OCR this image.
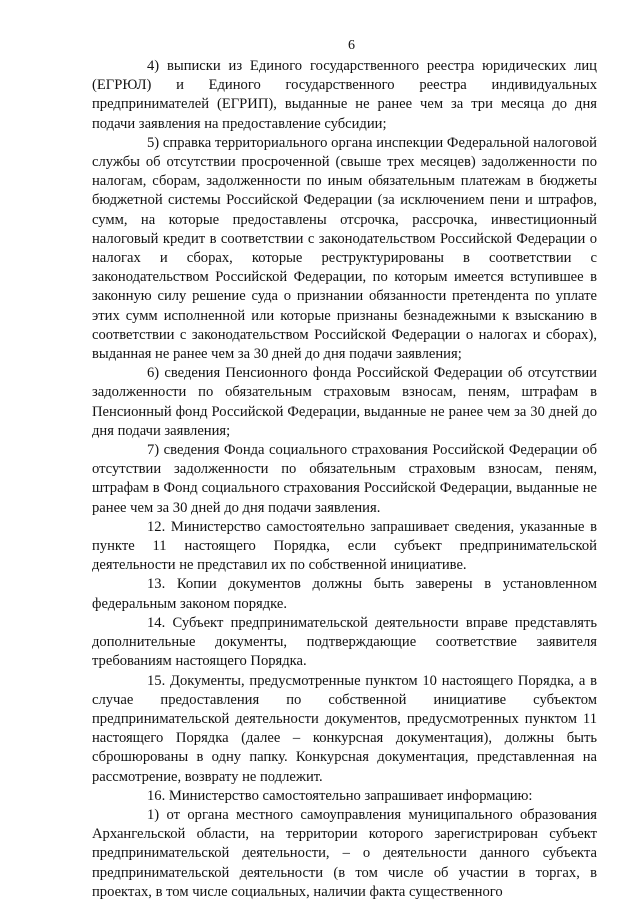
6

4) выписки из Единого государственного реестра юридических лиц (ЕГРЮЛ) и Единого государственного реестра индивидуальных предпринимателей (ЕГРИП), выданные не ранее чем за три месяца до дня подачи заявления на предоставление субсидии;

5) справка территориального органа инспекции Федеральной налоговой службы об отсутствии просроченной (свыше трех месяцев) задолженности по налогам, сборам, задолженности по иным обязательным платежам в бюджеты бюджетной системы Российской Федерации (за исключением пени и штрафов, сумм, на которые предоставлены отсрочка, рассрочка, инвестиционный налоговый кредит в соответствии с законодательством Российской Федерации о налогах и сборах, которые реструктурированы в соответствии с законодательством Российской Федерации, по которым имеется вступившее в законную силу решение суда о признании обязанности претендента по уплате этих сумм исполненной или которые признаны безнадежными к взысканию в соответствии с законодательством Российской Федерации о налогах и сборах), выданная не ранее чем за 30 дней до дня подачи заявления;

6) сведения Пенсионного фонда Российской Федерации об отсутствии задолженности по обязательным страховым взносам, пеням, штрафам в Пенсионный фонд Российской Федерации, выданные не ранее чем за 30 дней до дня подачи заявления;

7) сведения Фонда социального страхования Российской Федерации об отсутствии задолженности по обязательным страховым взносам, пеням, штрафам в Фонд социального страхования Российской Федерации, выданные не ранее чем за 30 дней до дня подачи заявления.

12. Министерство самостоятельно запрашивает сведения, указанные в пункте 11 настоящего Порядка, если субъект предпринимательской деятельности не представил их по собственной инициативе.

13. Копии документов должны быть заверены в установленном федеральным законом порядке.

14. Субъект предпринимательской деятельности вправе представлять дополнительные документы, подтверждающие соответствие заявителя требованиям настоящего Порядка.

15. Документы, предусмотренные пунктом 10 настоящего Порядка, а в случае предоставления по собственной инициативе субъектом предпринимательской деятельности документов, предусмотренных пунктом 11 настоящего Порядка (далее – конкурсная документация), должны быть сброшюрованы в одну папку. Конкурсная документация, представленная на рассмотрение, возврату не подлежит.

16. Министерство самостоятельно запрашивает информацию:

1) от органа местного самоуправления муниципального образования Архангельской области, на территории которого зарегистрирован субъект предпринимательской деятельности, – о деятельности данного субъекта предпринимательской деятельности (в том числе об участии в торгах, в проектах, в том числе социальных, наличии факта существенного
